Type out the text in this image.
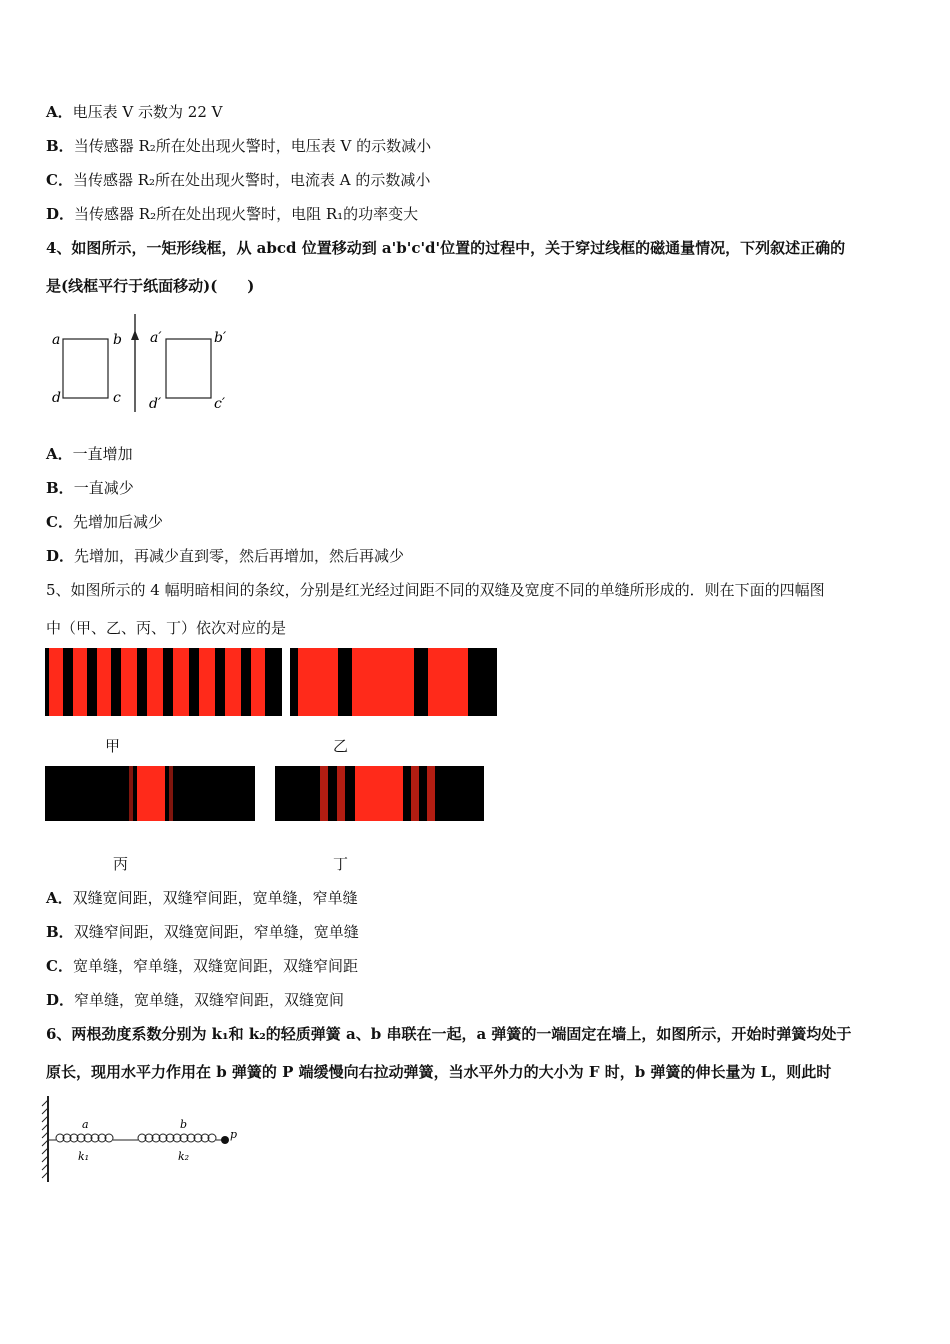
A．电压表 V 示数为 22 V
B．当传感器 R₂所在处出现火警时，电压表 V 的示数减小
C．当传感器 R₂所在处出现火警时，电流表 A 的示数减小
D．当传感器 R₂所在处出现火警时，电阻 R₁的功率变大
4、如图所示，一矩形线框，从 abcd 位置移动到 a'b'c'd'位置的过程中，关于穿过线框的磁通量情况，下列叙述正确的
是(线框平行于纸面移动)(　　)
a	b
d	c
a′	b′
d′	c′
A．一直增加
B．一直减少
C．先增加后减少
D．先增加，再减少直到零，然后再增加，然后再减少
5、如图所示的 4 幅明暗相间的条纹，分别是红光经过间距不同的双缝及宽度不同的单缝所形成的．则在下面的四幅图
中（甲、乙、丙、丁）依次对应的是
甲	乙
丙	丁
A．双缝宽间距，双缝窄间距，宽单缝，窄单缝
B．双缝窄间距，双缝宽间距，窄单缝，宽单缝
C．宽单缝，窄单缝，双缝宽间距，双缝窄间距
D．窄单缝，宽单缝，双缝窄间距，双缝宽间
6、两根劲度系数分别为 k₁和 k₂的轻质弹簧 a、b 串联在一起，a 弹簧的一端固定在墙上，如图所示，开始时弹簧均处于
原长，现用水平力作用在 b 弹簧的 P 端缓慢向右拉动弹簧，当水平外力的大小为 F 时，b 弹簧的伸长量为 L，则此时
a	b
k₁	k₂
p
